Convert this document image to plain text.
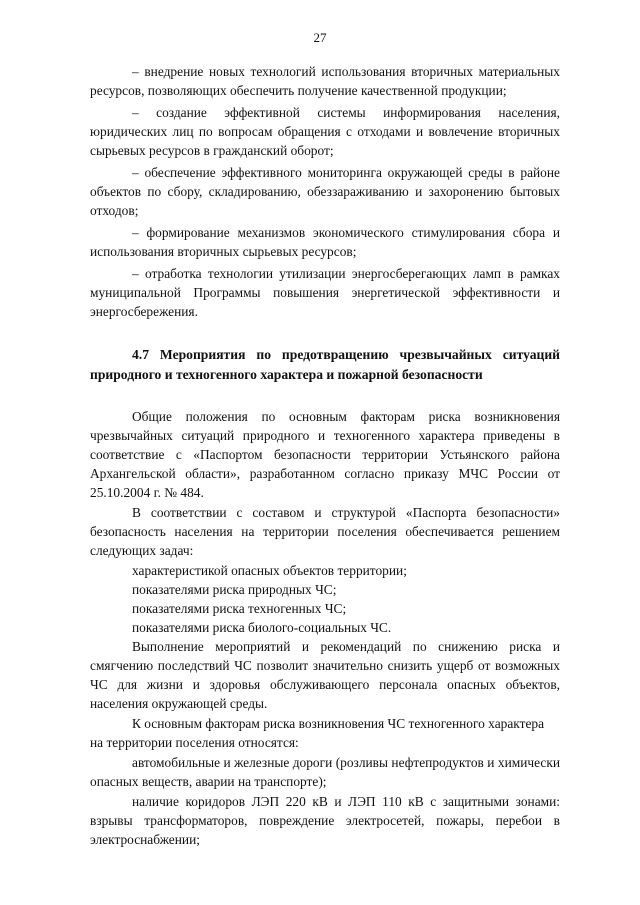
27

– внедрение новых технологий использования вторичных материальных ресурсов, позволяющих обеспечить получение качественной продукции;

– создание эффективной системы информирования населения, юридических лиц по вопросам обращения с отходами и вовлечение вторичных сырьевых ресурсов в гражданский оборот;

– обеспечение эффективного мониторинга окружающей среды в районе объектов по сбору, складированию, обеззараживанию и захоронению бытовых отходов;

– формирование механизмов экономического стимулирования сбора и использования вторичных сырьевых ресурсов;

– отработка технологии утилизации энергосберегающих ламп в рамках муниципальной Программы повышения энергетической эффективности и энергосбережения.

4.7 Мероприятия по предотвращению чрезвычайных ситуаций природного и техногенного характера и пожарной безопасности

Общие положения по основным факторам риска возникновения чрезвычайных ситуаций природного и техногенного характера приведены в соответствие с «Паспортом безопасности территории Устьянского района Архангельской области», разработанном согласно приказу МЧС России от 25.10.2004 г. № 484.

В соответствии с составом и структурой «Паспорта безопасности» безопасность населения на территории поселения обеспечивается решением следующих задач:

характеристикой опасных объектов территории;

показателями риска природных ЧС;

показателями риска техногенных ЧС;

показателями риска биолого-социальных ЧС.

Выполнение мероприятий и рекомендаций по снижению риска и смягчению последствий ЧС позволит значительно снизить ущерб от возможных ЧС для жизни и здоровья обслуживающего персонала опасных объектов, населения окружающей среды.

К основным факторам риска возникновения ЧС техногенного характера

на территории поселения относятся:

автомобильные и железные дороги (розливы нефтепродуктов и химически опасных веществ, аварии на транспорте);

наличие коридоров ЛЭП 220 кВ и ЛЭП 110 кВ с защитными зонами: взрывы трансформаторов, повреждение электросетей, пожары, перебои в электроснабжении;
